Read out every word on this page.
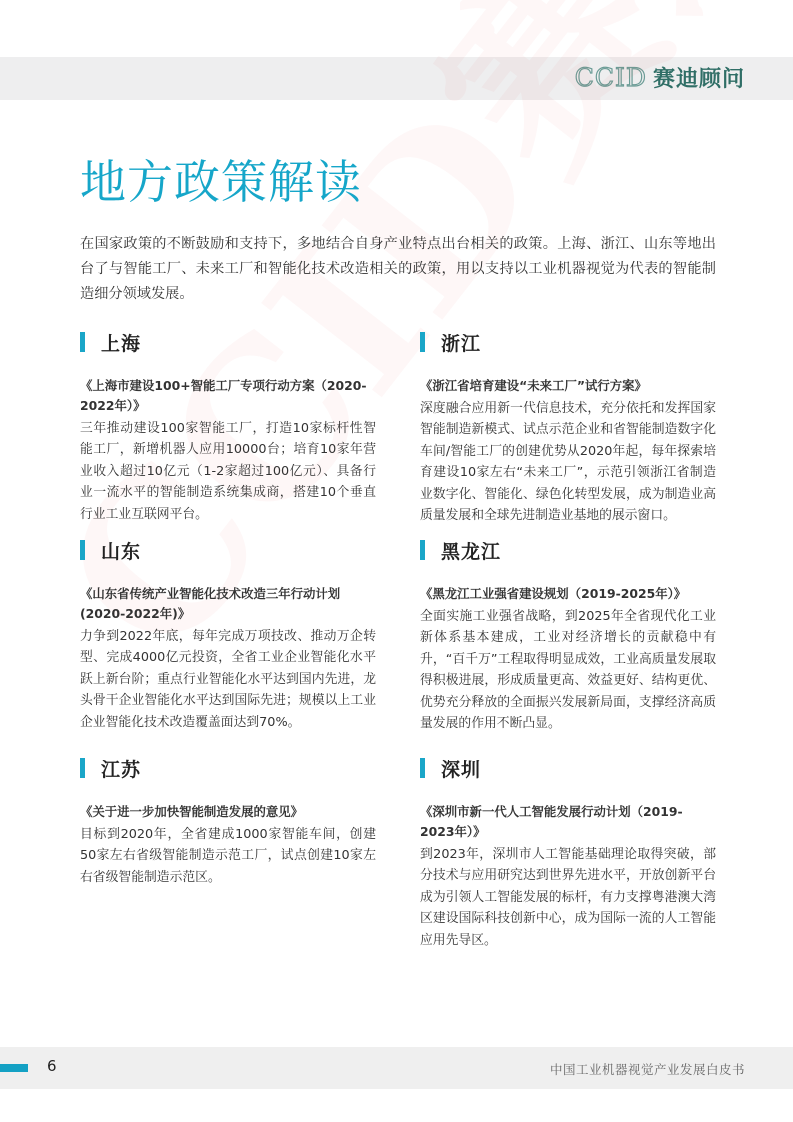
CCID 赛迪顾问
地方政策解读

在国家政策的不断鼓励和支持下，多地结合自身产业特点出台相关的政策。上海、浙江、山东等地出台了与智能工厂、未来工厂和智能化技术改造相关的政策，用以支持以工业机器视觉为代表的智能制造细分领域发展。

上海

《上海市建设100+智能工厂专项行动方案（2020-2022年）》

三年推动建设100家智能工厂，打造10家标杆性智能工厂，新增机器人应用10000台；培育10家年营业收入超过10亿元（1-2家超过100亿元）、具备行业一流水平的智能制造系统集成商，搭建10个垂直行业工业互联网平台。

山东

《山东省传统产业智能化技术改造三年行动计划(2020-2022年)》

力争到2022年底，每年完成万项技改、推动万企转型、完成4000亿元投资，全省工业企业智能化水平跃上新台阶；重点行业智能化水平达到国内先进，龙头骨干企业智能化水平达到国际先进；规模以上工业企业智能化技术改造覆盖面达到70%。

江苏

《关于进一步加快智能制造发展的意见》

目标到2020年，全省建成1000家智能车间，创建50家左右省级智能制造示范工厂，试点创建10家左右省级智能制造示范区。

浙江

《浙江省培育建设“未来工厂”试行方案》

深度融合应用新一代信息技术，充分依托和发挥国家智能制造新模式、试点示范企业和省智能制造数字化车间/智能工厂的创建优势从2020年起，每年探索培育建设10家左右“未来工厂”，示范引领浙江省制造业数字化、智能化、绿色化转型发展，成为制造业高质量发展和全球先进制造业基地的展示窗口。

黑龙江

《黑龙江工业强省建设规划（2019-2025年）》

全面实施工业强省战略，到2025年全省现代化工业新体系基本建成，工业对经济增长的贡献稳中有升，“百千万”工程取得明显成效，工业高质量发展取得积极进展，形成质量更高、效益更好、结构更优、优势充分释放的全面振兴发展新局面，支撑经济高质量发展的作用不断凸显。

深圳

《深圳市新一代人工智能发展行动计划（2019-2023年）》

到2023年，深圳市人工智能基础理论取得突破，部分技术与应用研究达到世界先进水平，开放创新平台成为引领人工智能发展的标杆，有力支撑粤港澳大湾区建设国际科技创新中心，成为国际一流的人工智能应用先导区。

6	中国工业机器视觉产业发展白皮书
